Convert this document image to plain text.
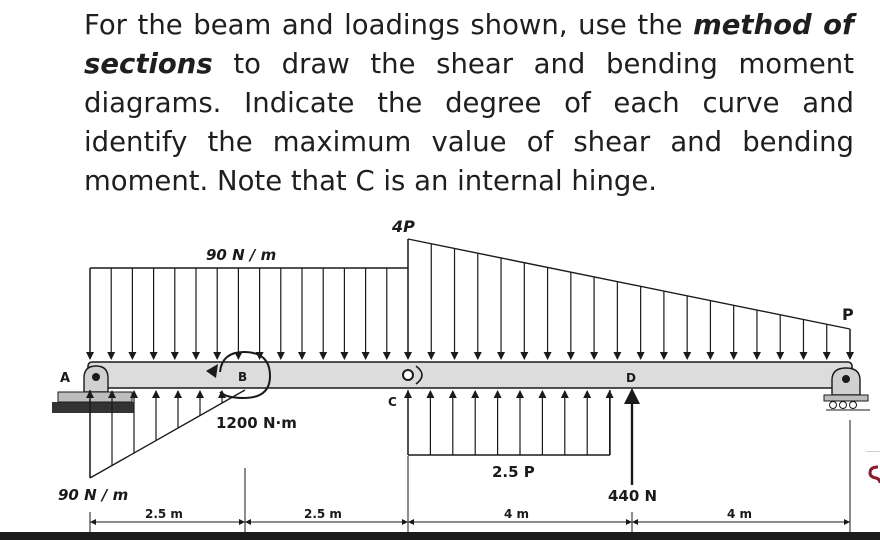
For the beam and loadings shown, use the method of
sections to draw the shear and bending moment
diagrams. Indicate the degree of each curve and
identify the maximum value of shear and bending
moment. Note that C is an internal hinge.
90 N / m
4P
P
90 N / m
1200 N·m
2.5 P
440 N
A	B
C
D
2.5 m	2.5 m	4 m	4 m
